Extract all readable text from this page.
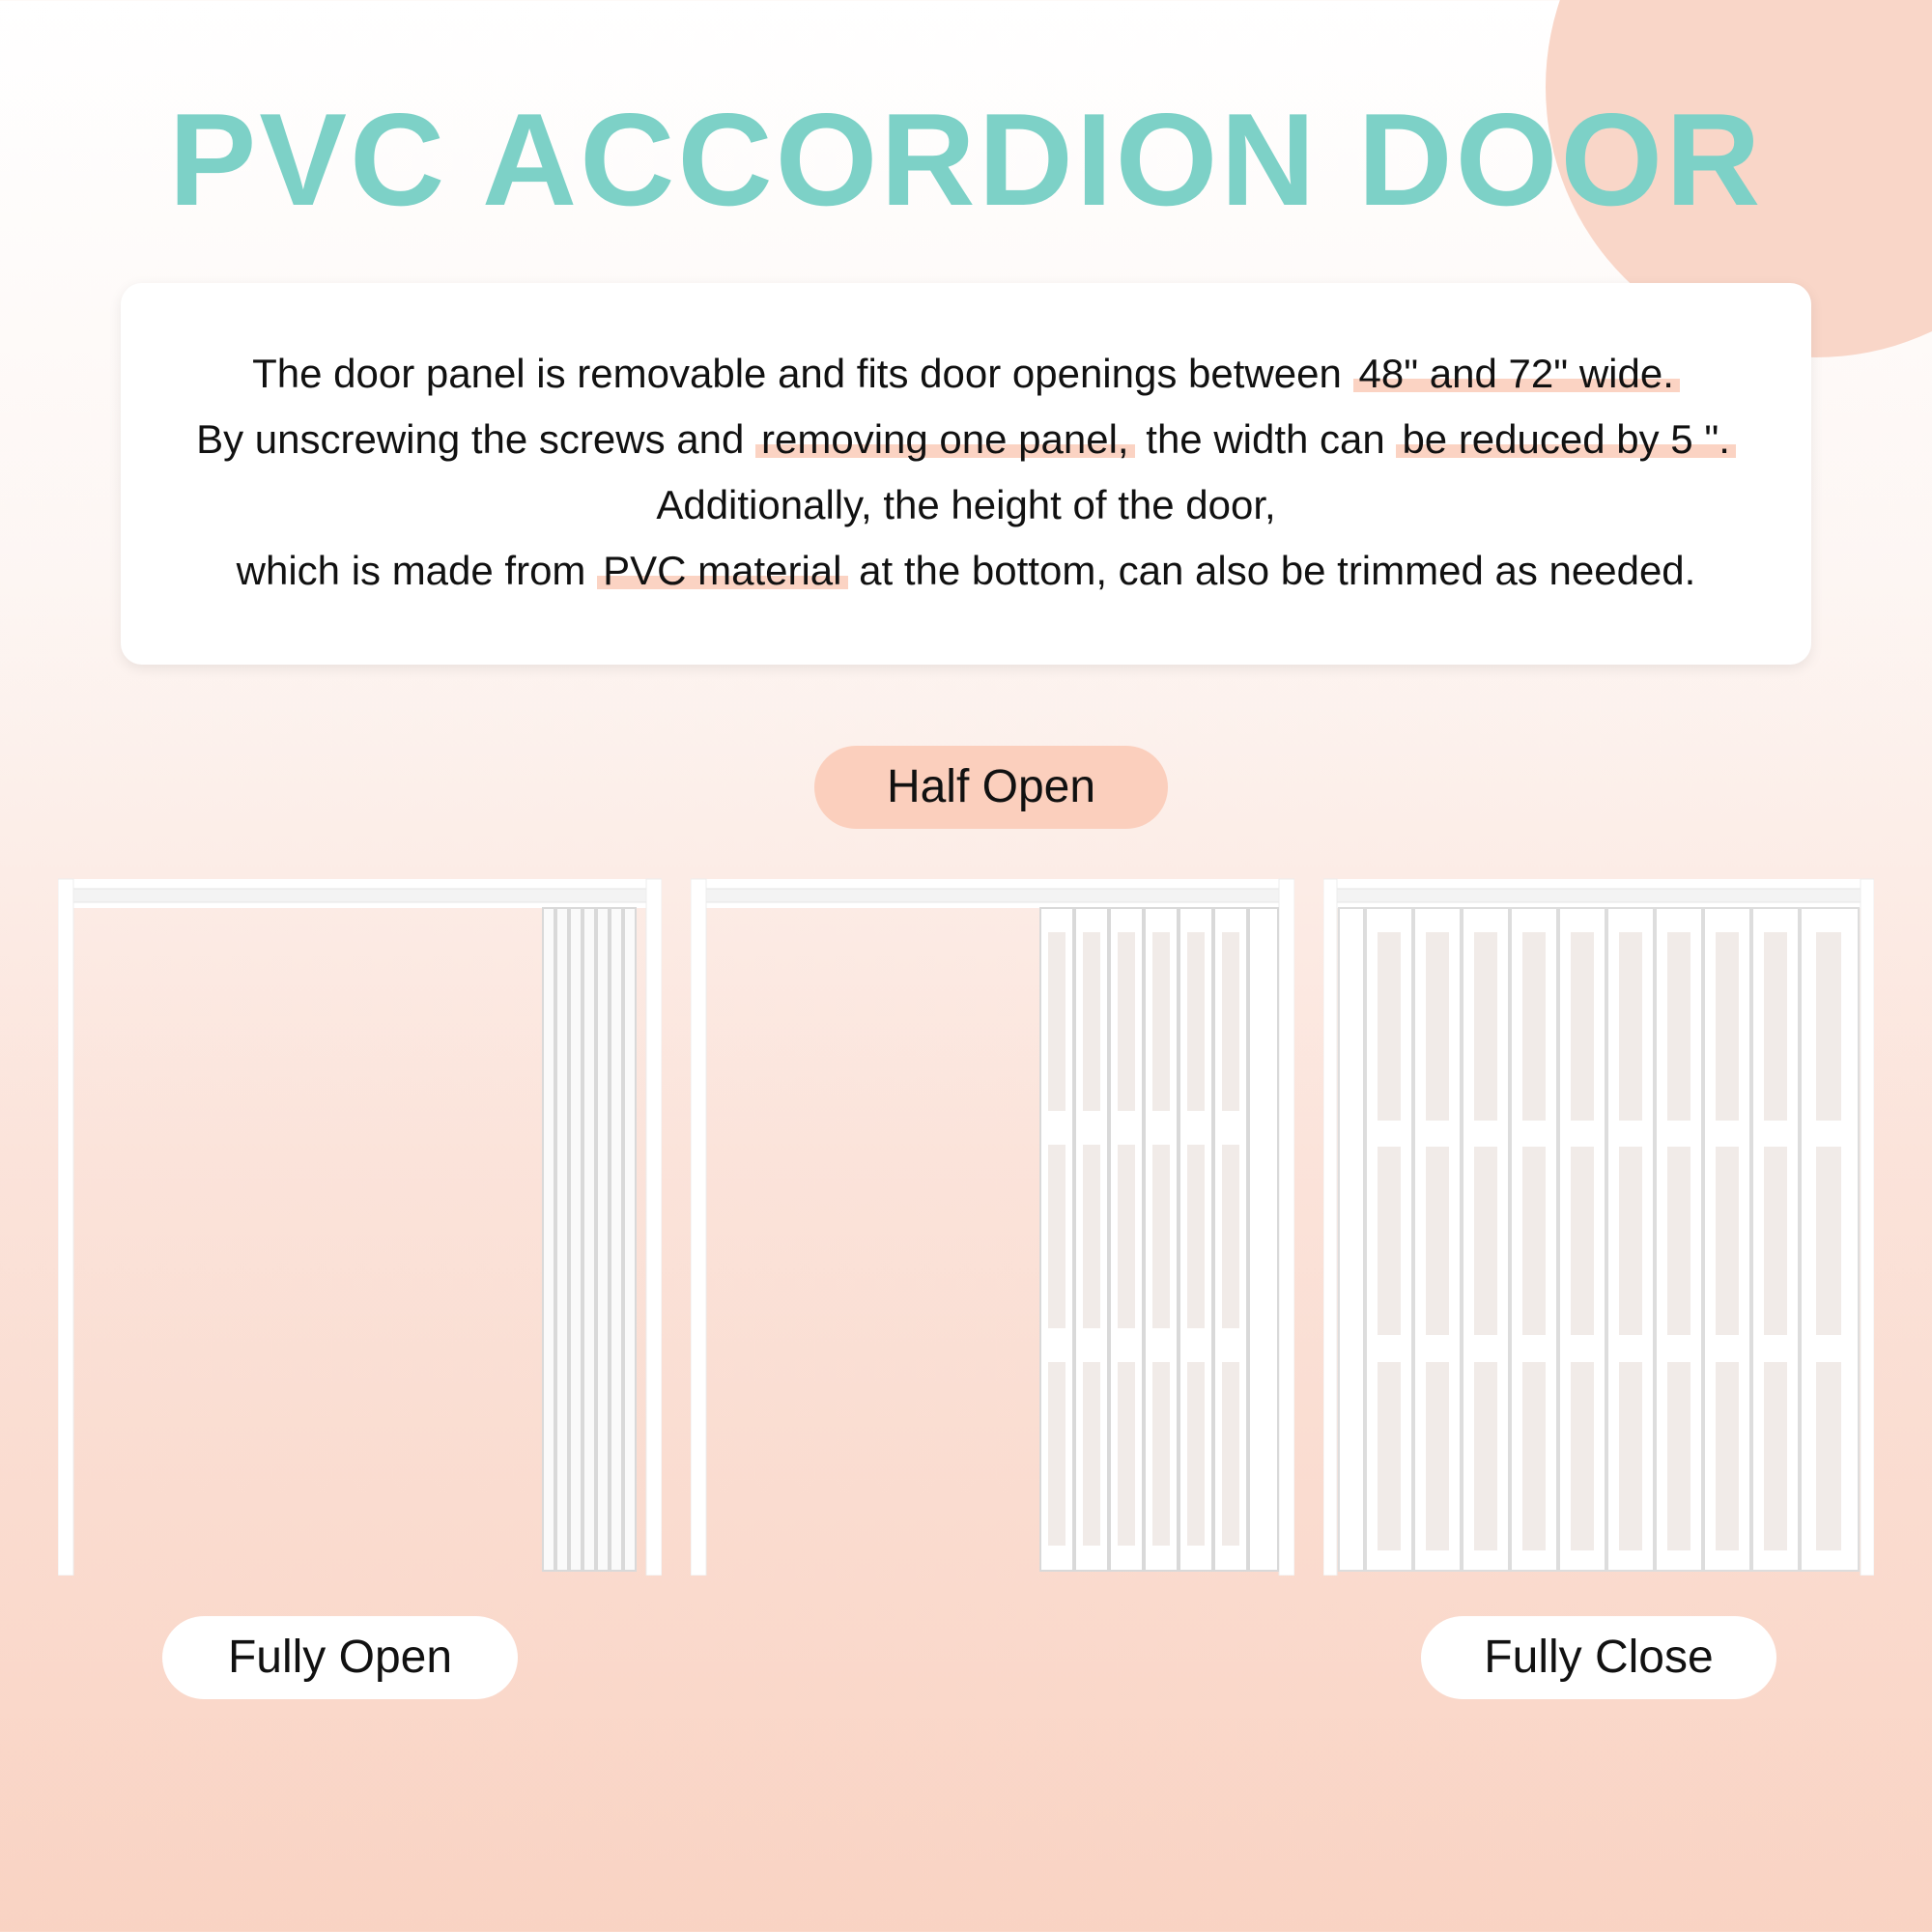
PVC ACCORDION DOOR
The door panel is removable and fits door openings between 48" and 72" wide.
By unscrewing the screws and removing one panel, the width can be reduced by 5 ".
Additionally, the height of the door,
which is made from PVC material at the bottom, can also be trimmed as needed.
Half Open
Fully Open	Fully Close
